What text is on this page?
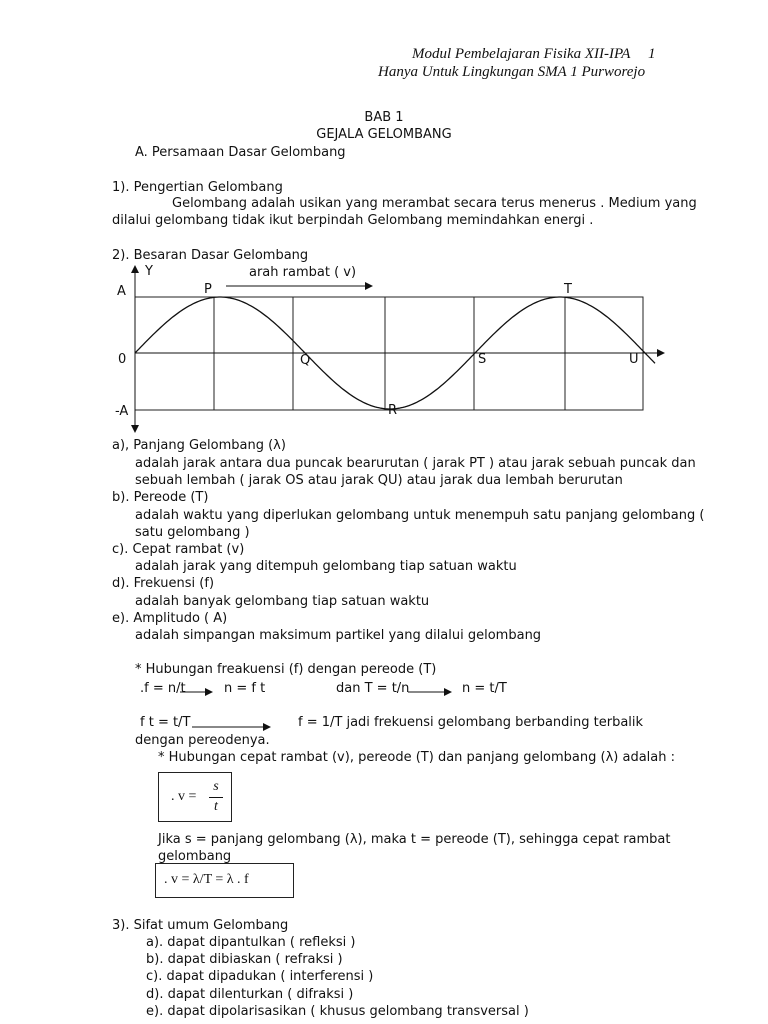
Modul Pembelajaran Fisika XII-IPA 1
Hanya Untuk Lingkungan SMA 1 Purworejo
BAB 1
GEJALA GELOMBANG
A. Persamaan Dasar Gelombang
1). Pengertian Gelombang
Gelombang adalah usikan yang merambat secara terus menerus . Medium yang
dilalui gelombang tidak ikut berpindah Gelombang memindahkan energi .
2). Besaran Dasar Gelombang
Y	arah rambat ( v)
A
0
-A
P
Q
R
S
T
U
a), Panjang Gelombang (λ)
adalah jarak antara dua puncak bearurutan ( jarak PT ) atau jarak sebuah puncak dan
sebuah lembah ( jarak OS atau jarak QU) atau jarak dua lembah berurutan
b). Pereode (T)
adalah waktu yang diperlukan gelombang untuk menempuh satu panjang gelombang (
satu gelombang )
c). Cepat rambat (v)
adalah jarak yang ditempuh gelombang tiap satuan waktu
d). Frekuensi (f)
adalah banyak gelombang tiap satuan waktu
e). Amplitudo ( A)
adalah simpangan maksimum partikel yang dilalui gelombang
* Hubungan freakuensi (f) dengan pereode (T)
.f = n/t	n = f t	dan T = t/n	n = t/T
f t = t/T	f = 1/T jadi frekuensi gelombang berbanding terbalik
dengan pereodenya.
* Hubungan cepat rambat (v), pereode (T) dan panjang gelombang (λ) adalah :
. v =
s
t
Jika s = panjang gelombang (λ), maka t = pereode (T), sehingga cepat rambat
gelombang
. v = λ/T = λ . f
3). Sifat umum Gelombang
a). dapat dipantulkan ( refleksi )
b). dapat dibiaskan ( refraksi )
c). dapat dipadukan ( interferensi )
d). dapat dilenturkan ( difraksi )
e). dapat dipolarisasikan ( khusus gelombang transversal )
